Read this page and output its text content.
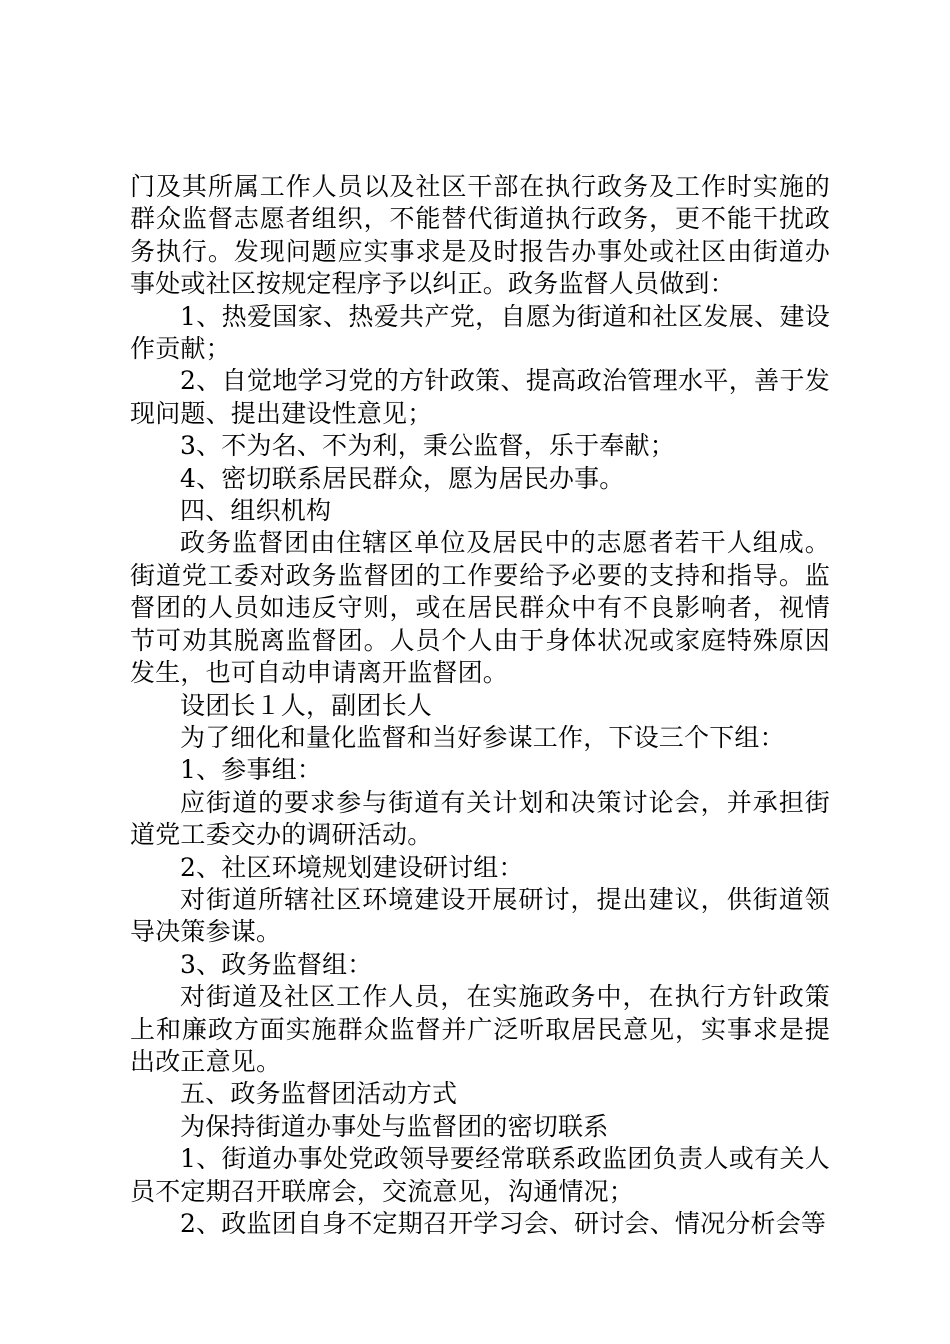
门及其所属工作人员以及社区干部在执行政务及工作时实施的群众监督志愿者组织，不能替代街道执行政务，更不能干扰政务执行。发现问题应实事求是及时报告办事处或社区由街道办事处或社区按规定程序予以纠正。政务监督人员做到：

1、热爱国家、热爱共产党，自愿为街道和社区发展、建设作贡献；

2、自觉地学习党的方针政策、提高政治管理水平，善于发现问题、提出建设性意见；

3、不为名、不为利，秉公监督，乐于奉献；

4、密切联系居民群众，愿为居民办事。

四、组织机构

政务监督团由住辖区单位及居民中的志愿者若干人组成。街道党工委对政务监督团的工作要给予必要的支持和指导。监督团的人员如违反守则，或在居民群众中有不良影响者，视情节可劝其脱离监督团。人员个人由于身体状况或家庭特殊原因发生，也可自动申请离开监督团。

设团长１人，副团长人

为了细化和量化监督和当好参谋工作，下设三个下组：

1、参事组：

应街道的要求参与街道有关计划和决策讨论会，并承担街道党工委交办的调研活动。

2、社区环境规划建设研讨组：

对街道所辖社区环境建设开展研讨，提出建议，供街道领导决策参谋。

3、政务监督组：

对街道及社区工作人员，在实施政务中，在执行方针政策上和廉政方面实施群众监督并广泛听取居民意见，实事求是提出改正意见。

五、政务监督团活动方式

为保持街道办事处与监督团的密切联系

1、街道办事处党政领导要经常联系政监团负责人或有关人员不定期召开联席会，交流意见，沟通情况；

2、政监团自身不定期召开学习会、研讨会、情况分析会等
